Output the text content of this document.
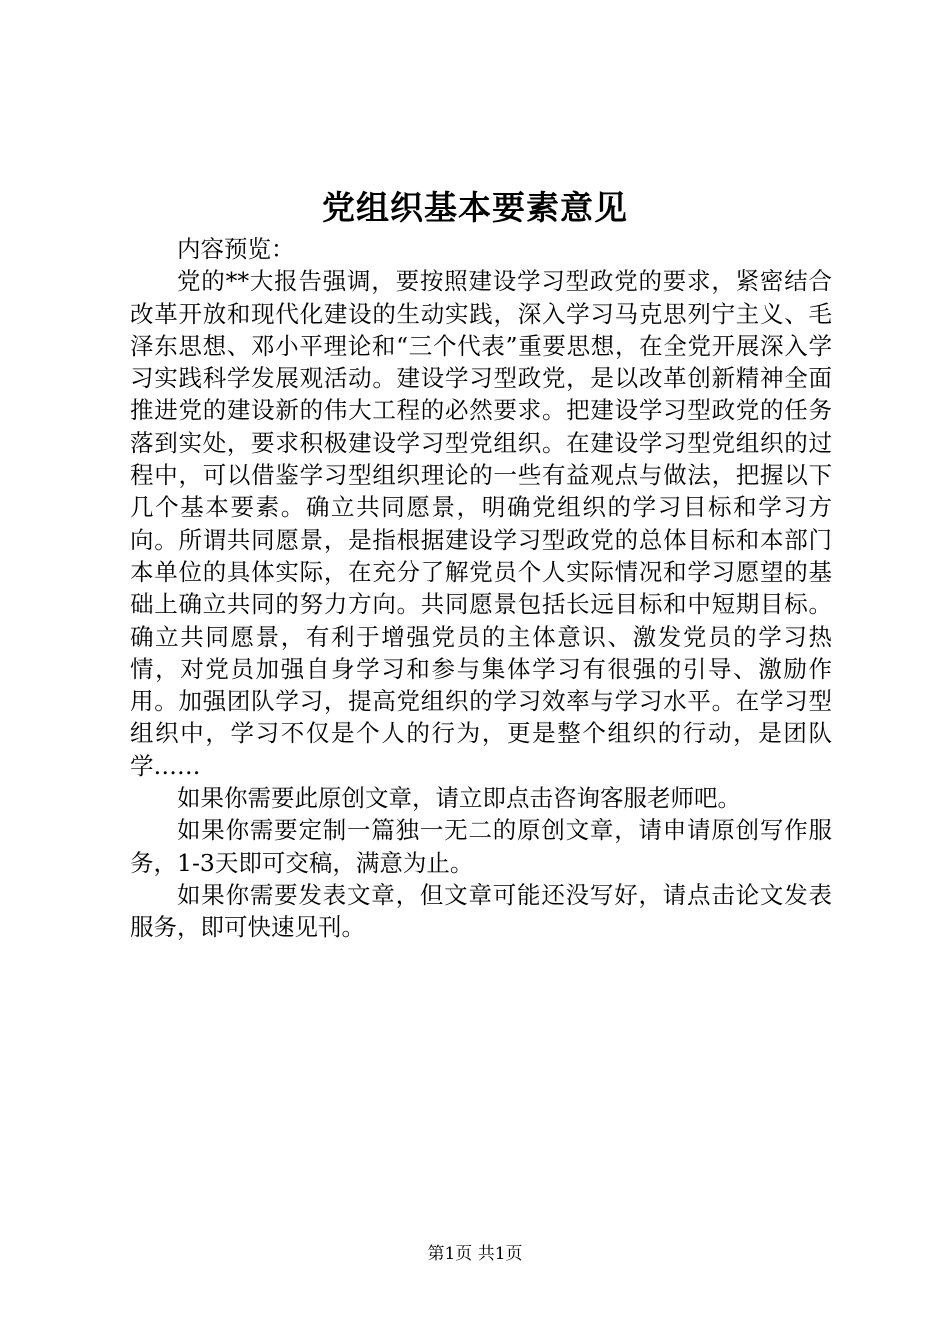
党组织基本要素意见

内容预览：

党的**大报告强调，要按照建设学习型政党的要求，紧密结合改革开放和现代化建设的生动实践，深入学习马克思列宁主义、毛泽东思想、邓小平理论和“三个代表”重要思想，在全党开展深入学习实践科学发展观活动。建设学习型政党，是以改革创新精神全面推进党的建设新的伟大工程的必然要求。把建设学习型政党的任务落到实处，要求积极建设学习型党组织。在建设学习型党组织的过程中，可以借鉴学习型组织理论的一些有益观点与做法，把握以下几个基本要素。确立共同愿景，明确党组织的学习目标和学习方向。所谓共同愿景，是指根据建设学习型政党的总体目标和本部门本单位的具体实际，在充分了解党员个人实际情况和学习愿望的基础上确立共同的努力方向。共同愿景包括长远目标和中短期目标。确立共同愿景，有利于增强党员的主体意识、激发党员的学习热情，对党员加强自身学习和参与集体学习有很强的引导、激励作用。加强团队学习，提高党组织的学习效率与学习水平。在学习型组织中，学习不仅是个人的行为，更是整个组织的行动，是团队学……

如果你需要此原创文章，请立即点击咨询客服老师吧。

如果你需要定制一篇独一无二的原创文章，请申请原创写作服务，1-3天即可交稿，满意为止。

如果你需要发表文章，但文章可能还没写好，请点击论文发表服务，即可快速见刊。

第1页 共1页
